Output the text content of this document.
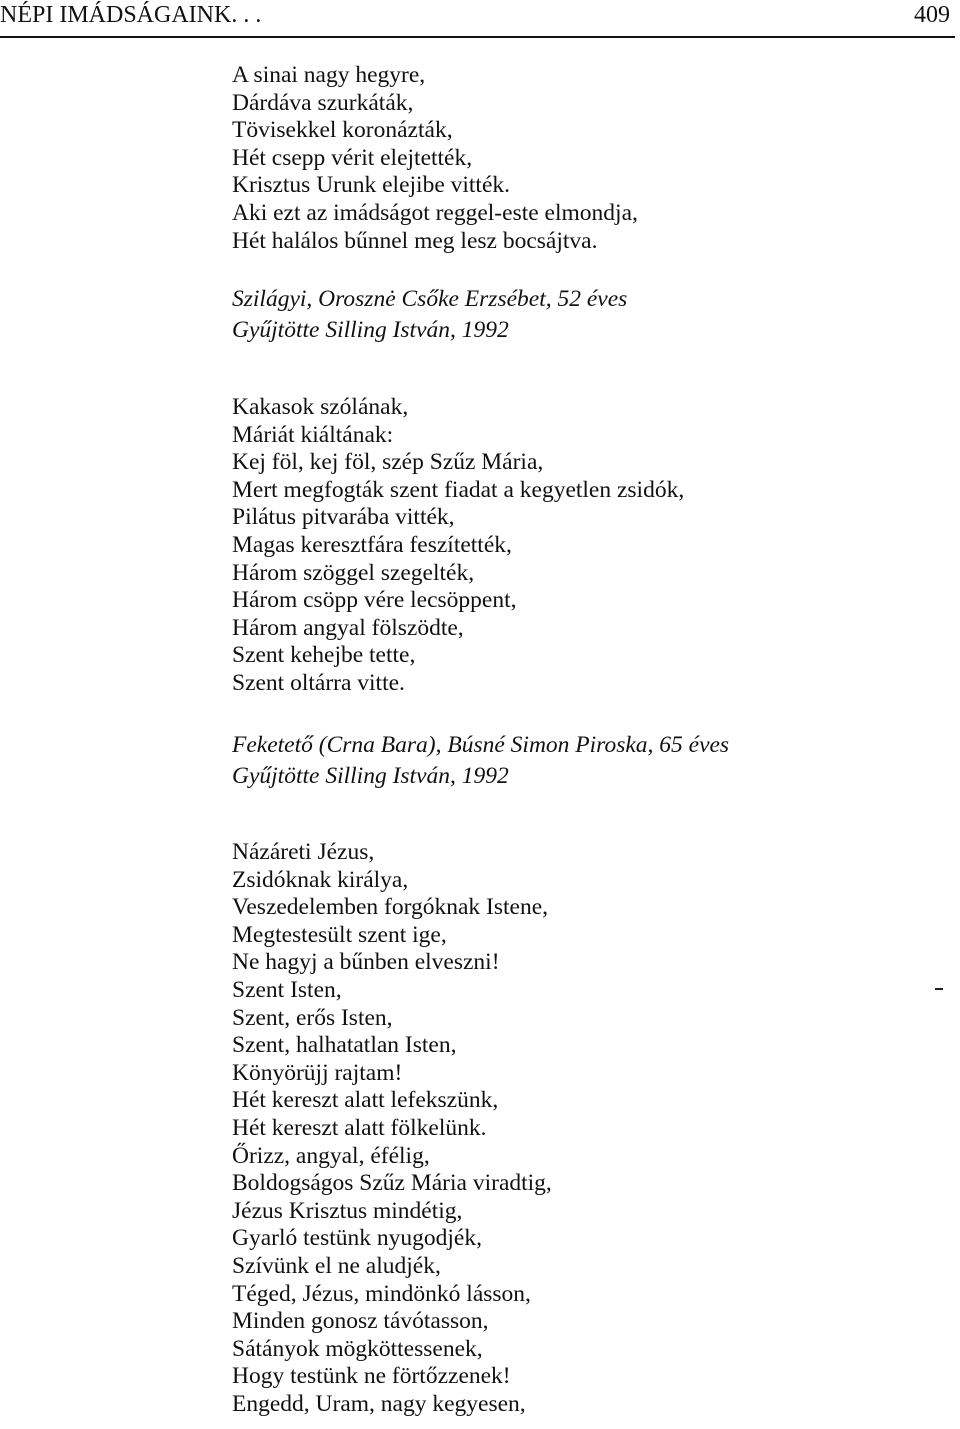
NÉPI IMÁDSÁGAINK. . .	409
A sinai nagy hegyre,
Dárdáva szurkáták,
Tövisekkel koronázták,
Hét csepp vérit elejtették,
Krisztus Urunk elejibe vitték.
Aki ezt az imádságot reggel-este elmondja,
Hét halálos bűnnel meg lesz bocsájtva.
Szilágyi, Orosznė Csőke Erzsébet, 52 éves
Gyűjtötte Silling István, 1992
Kakasok szólának,
Máriát kiáltának:
Kej föl, kej föl, szép Szűz Mária,
Mert megfogták szent fiadat a kegyetlen zsidók,
Pilátus pitvarába vitték,
Magas keresztfára feszítették,
Három szöggel szegelték,
Három csöpp vére lecsöppent,
Három angyal fölszödte,
Szent kehejbe tette,
Szent oltárra vitte.
Feketető (Crna Bara), Búsné Simon Piroska, 65 éves
Gyűjtötte Silling István, 1992
Názáreti Jézus,
Zsidóknak királya,
Veszedelemben forgóknak Istene,
Megtestesült szent ige,
Ne hagyj a bűnben elveszni!
Szent Isten,
Szent, erős Isten,
Szent, halhatatlan Isten,
Könyörüjj rajtam!
Hét kereszt alatt lefekszünk,
Hét kereszt alatt fölkelünk.
Őrizz, angyal, éfélig,
Boldogságos Szűz Mária viradtig,
Jézus Krisztus mindétig,
Gyarló testünk nyugodjék,
Szívünk el ne aludjék,
Téged, Jézus, mindönkó lásson,
Minden gonosz távótasson,
Sátányok mögköttessenek,
Hogy testünk ne förtőzzenek!
Engedd, Uram, nagy kegyesen,
